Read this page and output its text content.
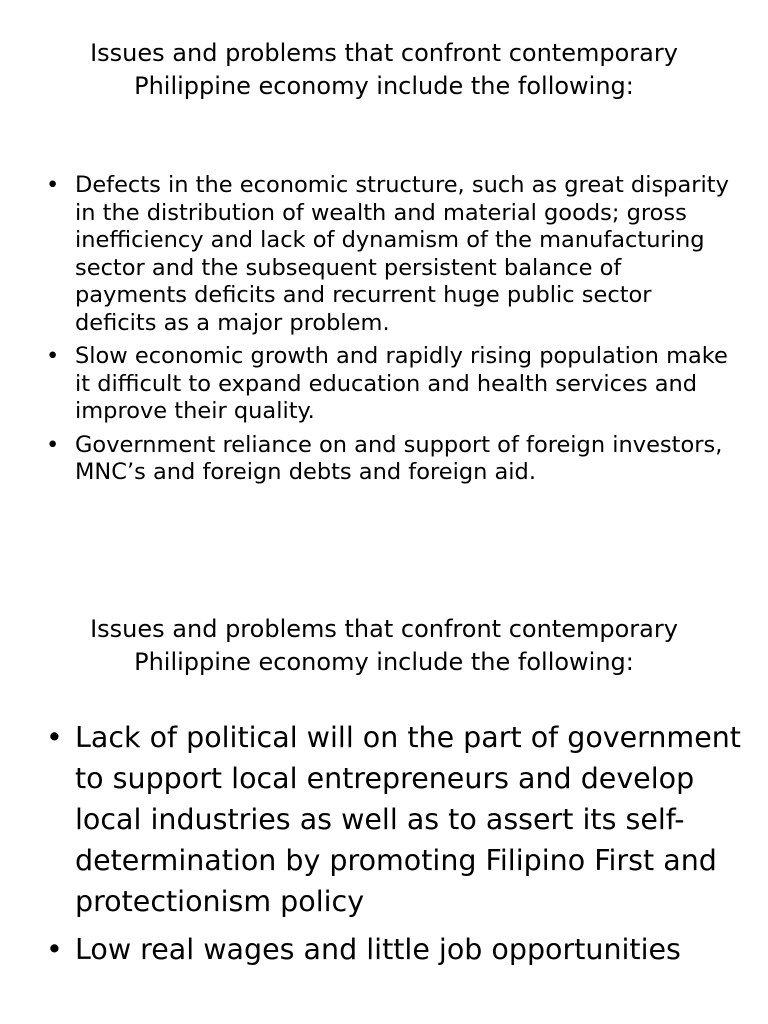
Issues and problems that confront contemporary
Philippine economy include the following:
• Defects in the economic structure, such as great disparity in the distribution of wealth and material goods; gross inefficiency and lack of dynamism of the manufacturing sector and the subsequent persistent balance of payments deficits and recurrent huge public sector deficits as a major problem.
• Slow economic growth and rapidly rising population make it difficult to expand education and health services and improve their quality.
• Government reliance on and support of foreign investors, MNC’s and foreign debts and foreign aid.
Issues and problems that confront contemporary
Philippine economy include the following:
• Lack of political will on the part of government to support local entrepreneurs and develop local industries as well as to assert its self-determination by promoting Filipino First and protectionism policy
• Low real wages and little job opportunities
